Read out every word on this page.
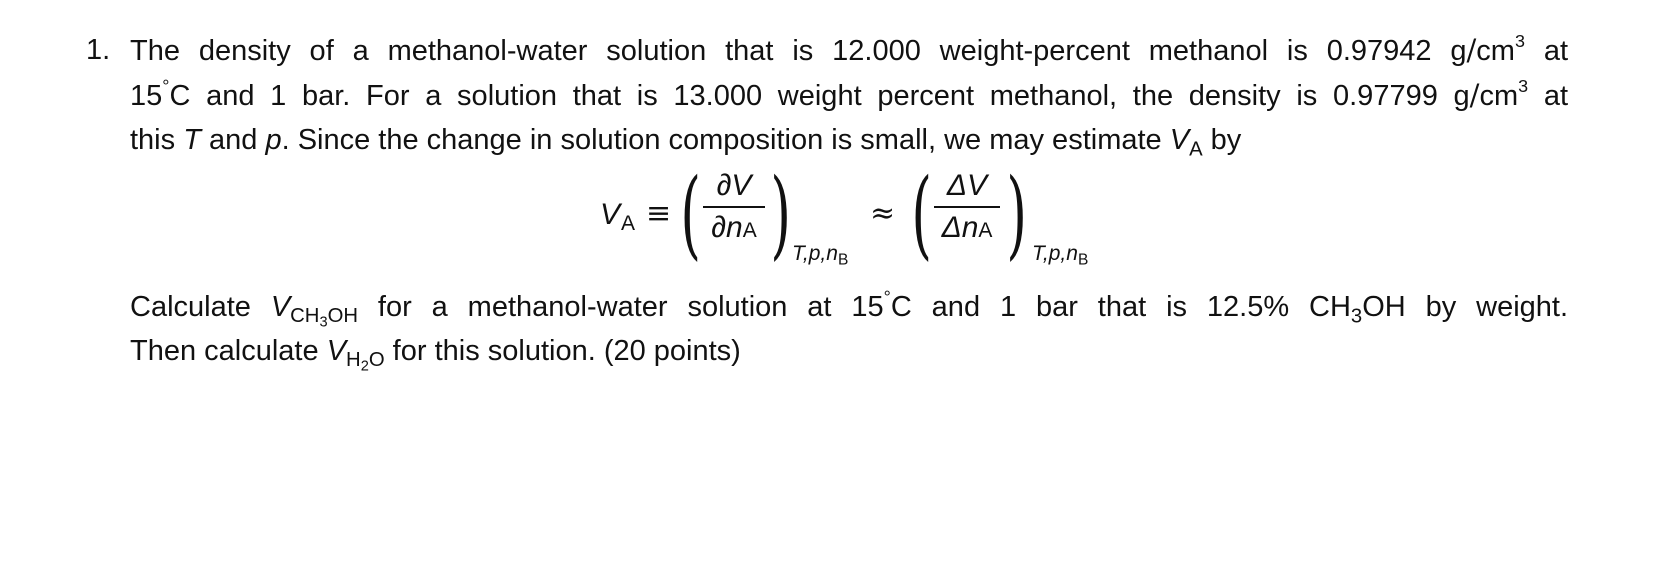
1. The density of a methanol-water solution that is 12.000 weight-percent methanol is 0.97942 $g/cm^3$ at
15°C and 1 bar. For a solution that is 13.000 weight percent methanol, the density is 0.97799 $g/cm^3$ at
this T and p. Since the change in solution composition is small, we may estimate $V_A$ by
V A ≡ ( ∂V
∂nA ) $T,p,n_B$
≈ ( ΔV
ΔnA ) $T,p,n_B$
Calculate $V_{CH_3OH}$ for a methanol-water solution at 15°C and 1 bar that is 12.5% $CH_3OH$ by weight.
Then calculate $V_{H_2O}$ for this solution. (20 points)
